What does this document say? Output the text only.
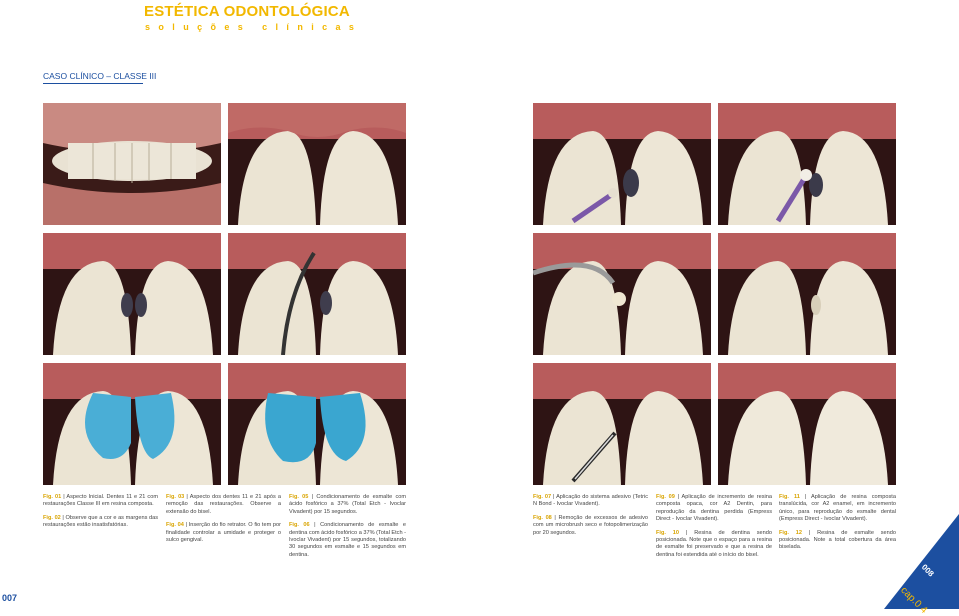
ESTÉTICA ODONTOLÓGICA
soluções clínicas
CASO CLÍNICO – CLASSE III

Fig. 01 | Aspecto Inicial. Dentes 11 e 21 com restaurações Classe III em resina composta.

Fig. 02 | Observe que a cor e as margens das restaurações estão insatisfatórias.

Fig. 03 | Aspecto dos dentes 11 e 21 após a remoção das restaurações. Observe a extensão do bisel.

Fig. 04 | Inserção do fio retrator. O fio tem por finalidade controlar a umidade e proteger o sulco gengival.

Fig. 05 | Condicionamento de esmalte com ácido fosfórico a 37% (Total Etch - Ivoclar Vivadent) por 15 segundos.

Fig. 06 | Condicionamento de esmalte e dentina com ácido fosfórico a 37% (Total Etch - Ivoclar Vivadent) por 15 segundos, totalizando 30 segundos em esmalte e 15 segundos em dentina.

Fig. 07 | Aplicação do sistema adesivo (Tetric N Bond - Ivoclar Vivadent).

Fig. 08 | Remoção de excessos de adesivo com um microbrush seco e fotopolimerização por 20 segundos.

Fig. 09 | Aplicação de incremento de resina composta opaca, cor A2 Dentin, para reprodução da dentina perdida (Empress Direct - Ivoclar Vivadent).

Fig. 10 | Resina de dentina sendo posicionada. Note que o espaço para a resina de esmalte foi preservado e que a resina de dentina foi estendida até o início do bisel.

Fig. 11 | Aplicação de resina composta translúcida, cor A2 enamel, em incremento único, para reprodução do esmalte dental (Empress Direct - Ivoclar Vivadent).

Fig. 12 | Resina de esmalte sendo posicionada. Note a total cobertura da área biselada.

007
008
cap.0 4
